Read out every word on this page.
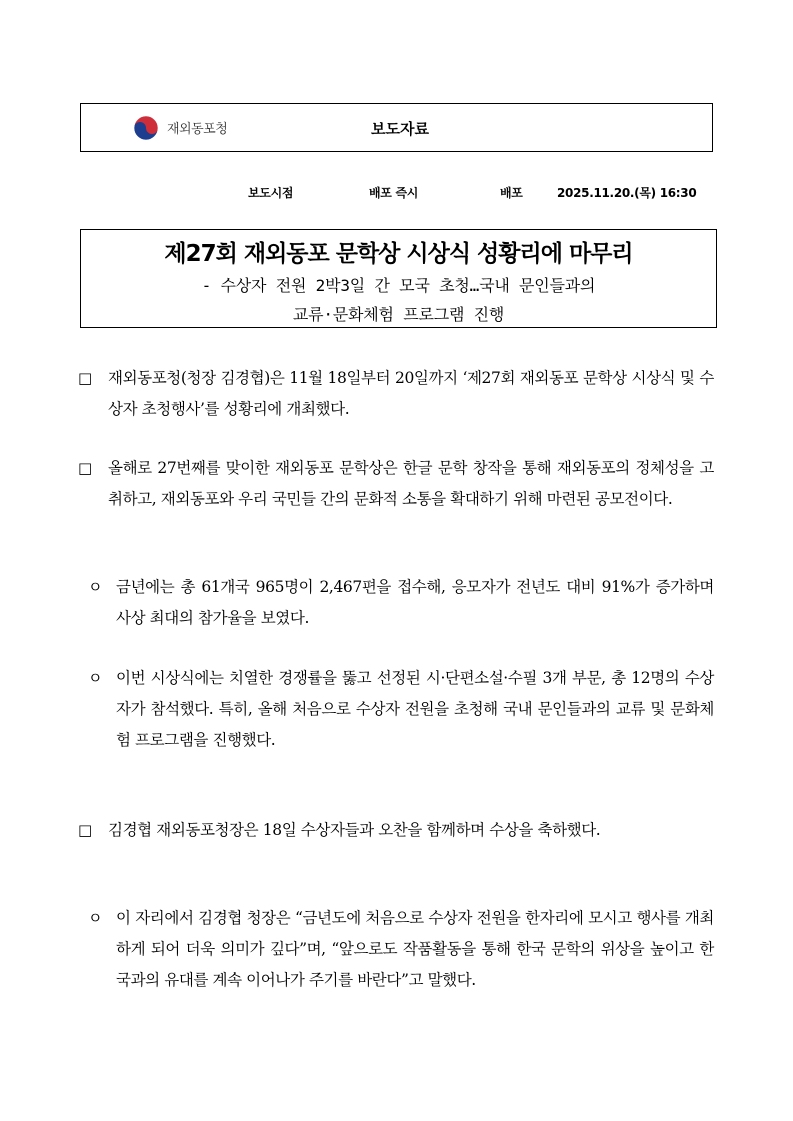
재외동포청	보도자료
보도시점	배포 즉시	배포	2025.11.20.(목) 16:30
제27회 재외동포 문학상 시상식 성황리에 마무리
- 수상자 전원 2박3일 간 모국 초청…국내 문인들과의
교류·문화체험 프로그램 진행
□ 재외동포청(청장 김경협)은 11월 18일부터 20일까지 ‘제27회 재외동포 문학상 시상식 및 수상자 초청행사’를 성황리에 개최했다.
□ 올해로 27번째를 맞이한 재외동포 문학상은 한글 문학 창작을 통해 재외동포의 정체성을 고취하고, 재외동포와 우리 국민들 간의 문화적 소통을 확대하기 위해 마련된 공모전이다.
ㅇ 금년에는 총 61개국 965명이 2,467편을 접수해, 응모자가 전년도 대비 91%가 증가하며 사상 최대의 참가율을 보였다.
ㅇ 이번 시상식에는 치열한 경쟁률을 뚫고 선정된 시·단편소설·수필 3개 부문, 총 12명의 수상자가 참석했다. 특히, 올해 처음으로 수상자 전원을 초청해 국내 문인들과의 교류 및 문화체험 프로그램을 진행했다.
□ 김경협 재외동포청장은 18일 수상자들과 오찬을 함께하며 수상을 축하했다.
ㅇ 이 자리에서 김경협 청장은 “금년도에 처음으로 수상자 전원을 한자리에 모시고 행사를 개최하게 되어 더욱 의미가 깊다”며, “앞으로도 작품활동을 통해 한국 문학의 위상을 높이고 한국과의 유대를 계속 이어나가 주기를 바란다”고 말했다.
